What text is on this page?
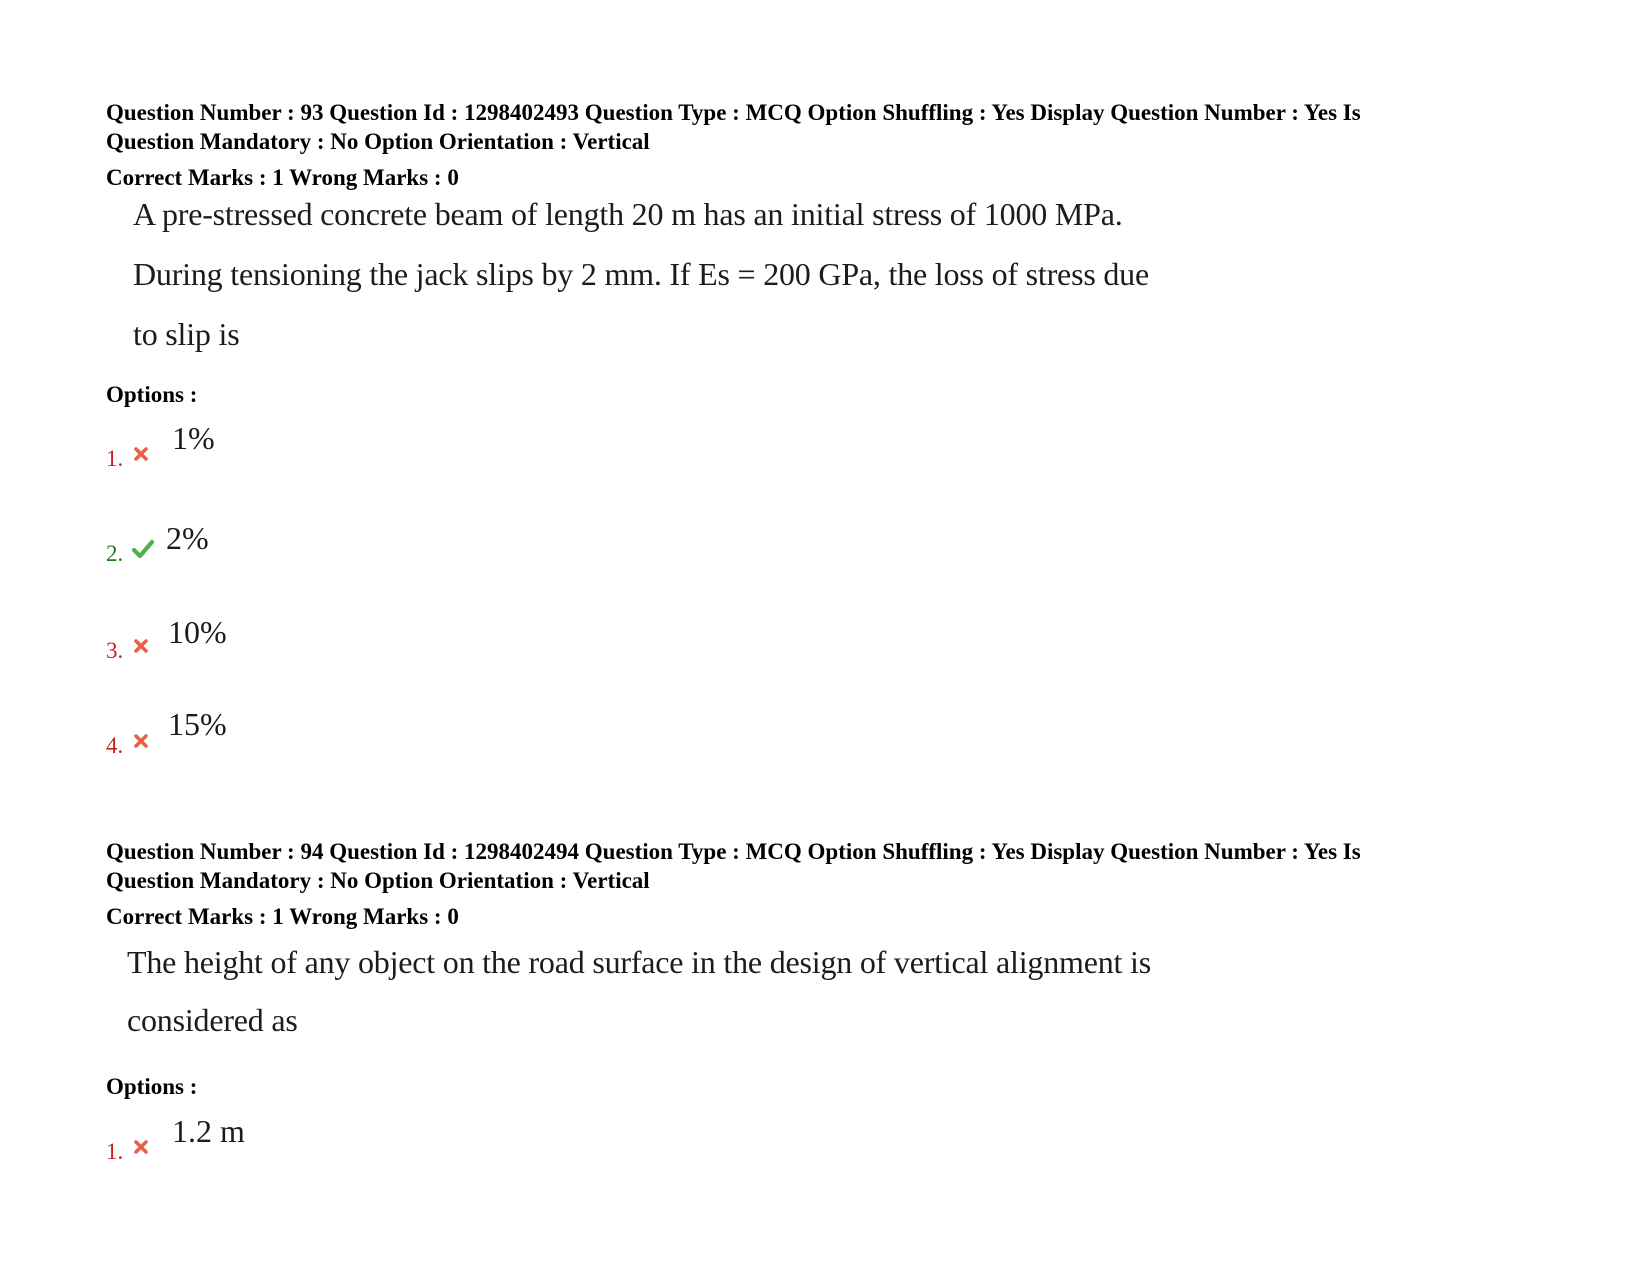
Question Number : 93 Question Id : 1298402493 Question Type : MCQ Option Shuffling : Yes Display Question Number : Yes Is
Question Mandatory : No Option Orientation : Vertical
Correct Marks : 1 Wrong Marks : 0
A pre-stressed concrete beam of length 20 m has an initial stress of 1000 MPa.
During tensioning the jack slips by 2 mm. If Es = 200 GPa, the loss of stress due
to slip is
Options :
1.
1%
2. 2%
3.
10%
4.
15%
Question Number : 94 Question Id : 1298402494 Question Type : MCQ Option Shuffling : Yes Display Question Number : Yes Is
Question Mandatory : No Option Orientation : Vertical
Correct Marks : 1 Wrong Marks : 0
The height of any object on the road surface in the design of vertical alignment is
considered as
Options :
1.
1.2 m
